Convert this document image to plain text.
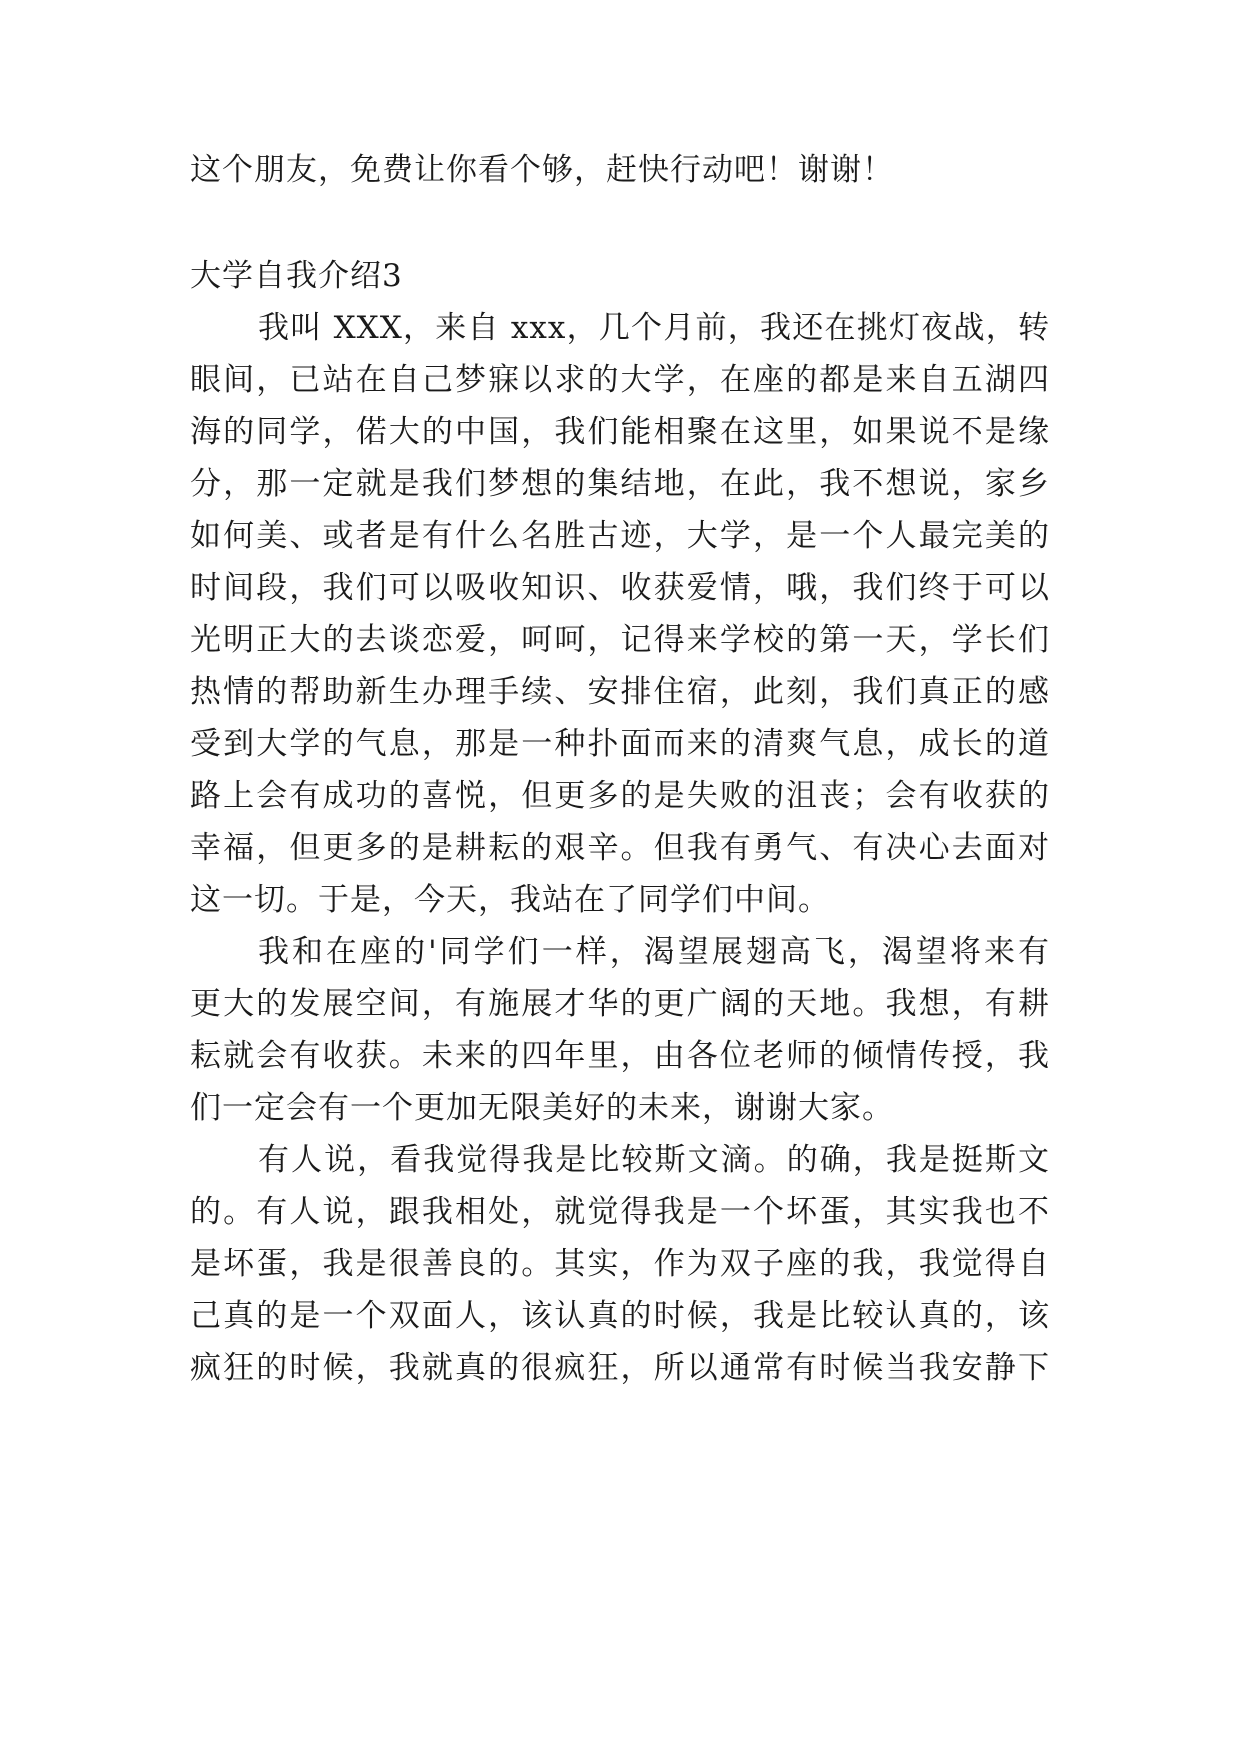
这个朋友，免费让你看个够，赶快行动吧！谢谢！
大学自我介绍3
我叫 XXX，来自 xxx，几个月前，我还在挑灯夜战，转
眼间，已站在自己梦寐以求的大学，在座的都是来自五湖四
海的同学，偌大的中国，我们能相聚在这里，如果说不是缘
分，那一定就是我们梦想的集结地，在此，我不想说，家乡
如何美、或者是有什么名胜古迹，大学，是一个人最完美的
时间段，我们可以吸收知识、收获爱情，哦，我们终于可以
光明正大的去谈恋爱，呵呵，记得来学校的第一天，学长们
热情的帮助新生办理手续、安排住宿，此刻，我们真正的感
受到大学的气息，那是一种扑面而来的清爽气息，成长的道
路上会有成功的喜悦，但更多的是失败的沮丧；会有收获的
幸福，但更多的是耕耘的艰辛。但我有勇气、有决心去面对
这一切。于是，今天，我站在了同学们中间。
我和在座的'同学们一样，渴望展翅高飞，渴望将来有
更大的发展空间，有施展才华的更广阔的天地。我想，有耕
耘就会有收获。未来的四年里，由各位老师的倾情传授，我
们一定会有一个更加无限美好的未来，谢谢大家。
有人说，看我觉得我是比较斯文滴。的确，我是挺斯文
的。有人说，跟我相处，就觉得我是一个坏蛋，其实我也不
是坏蛋，我是很善良的。其实，作为双子座的我，我觉得自
己真的是一个双面人，该认真的时候，我是比较认真的，该
疯狂的时候，我就真的很疯狂，所以通常有时候当我安静下
